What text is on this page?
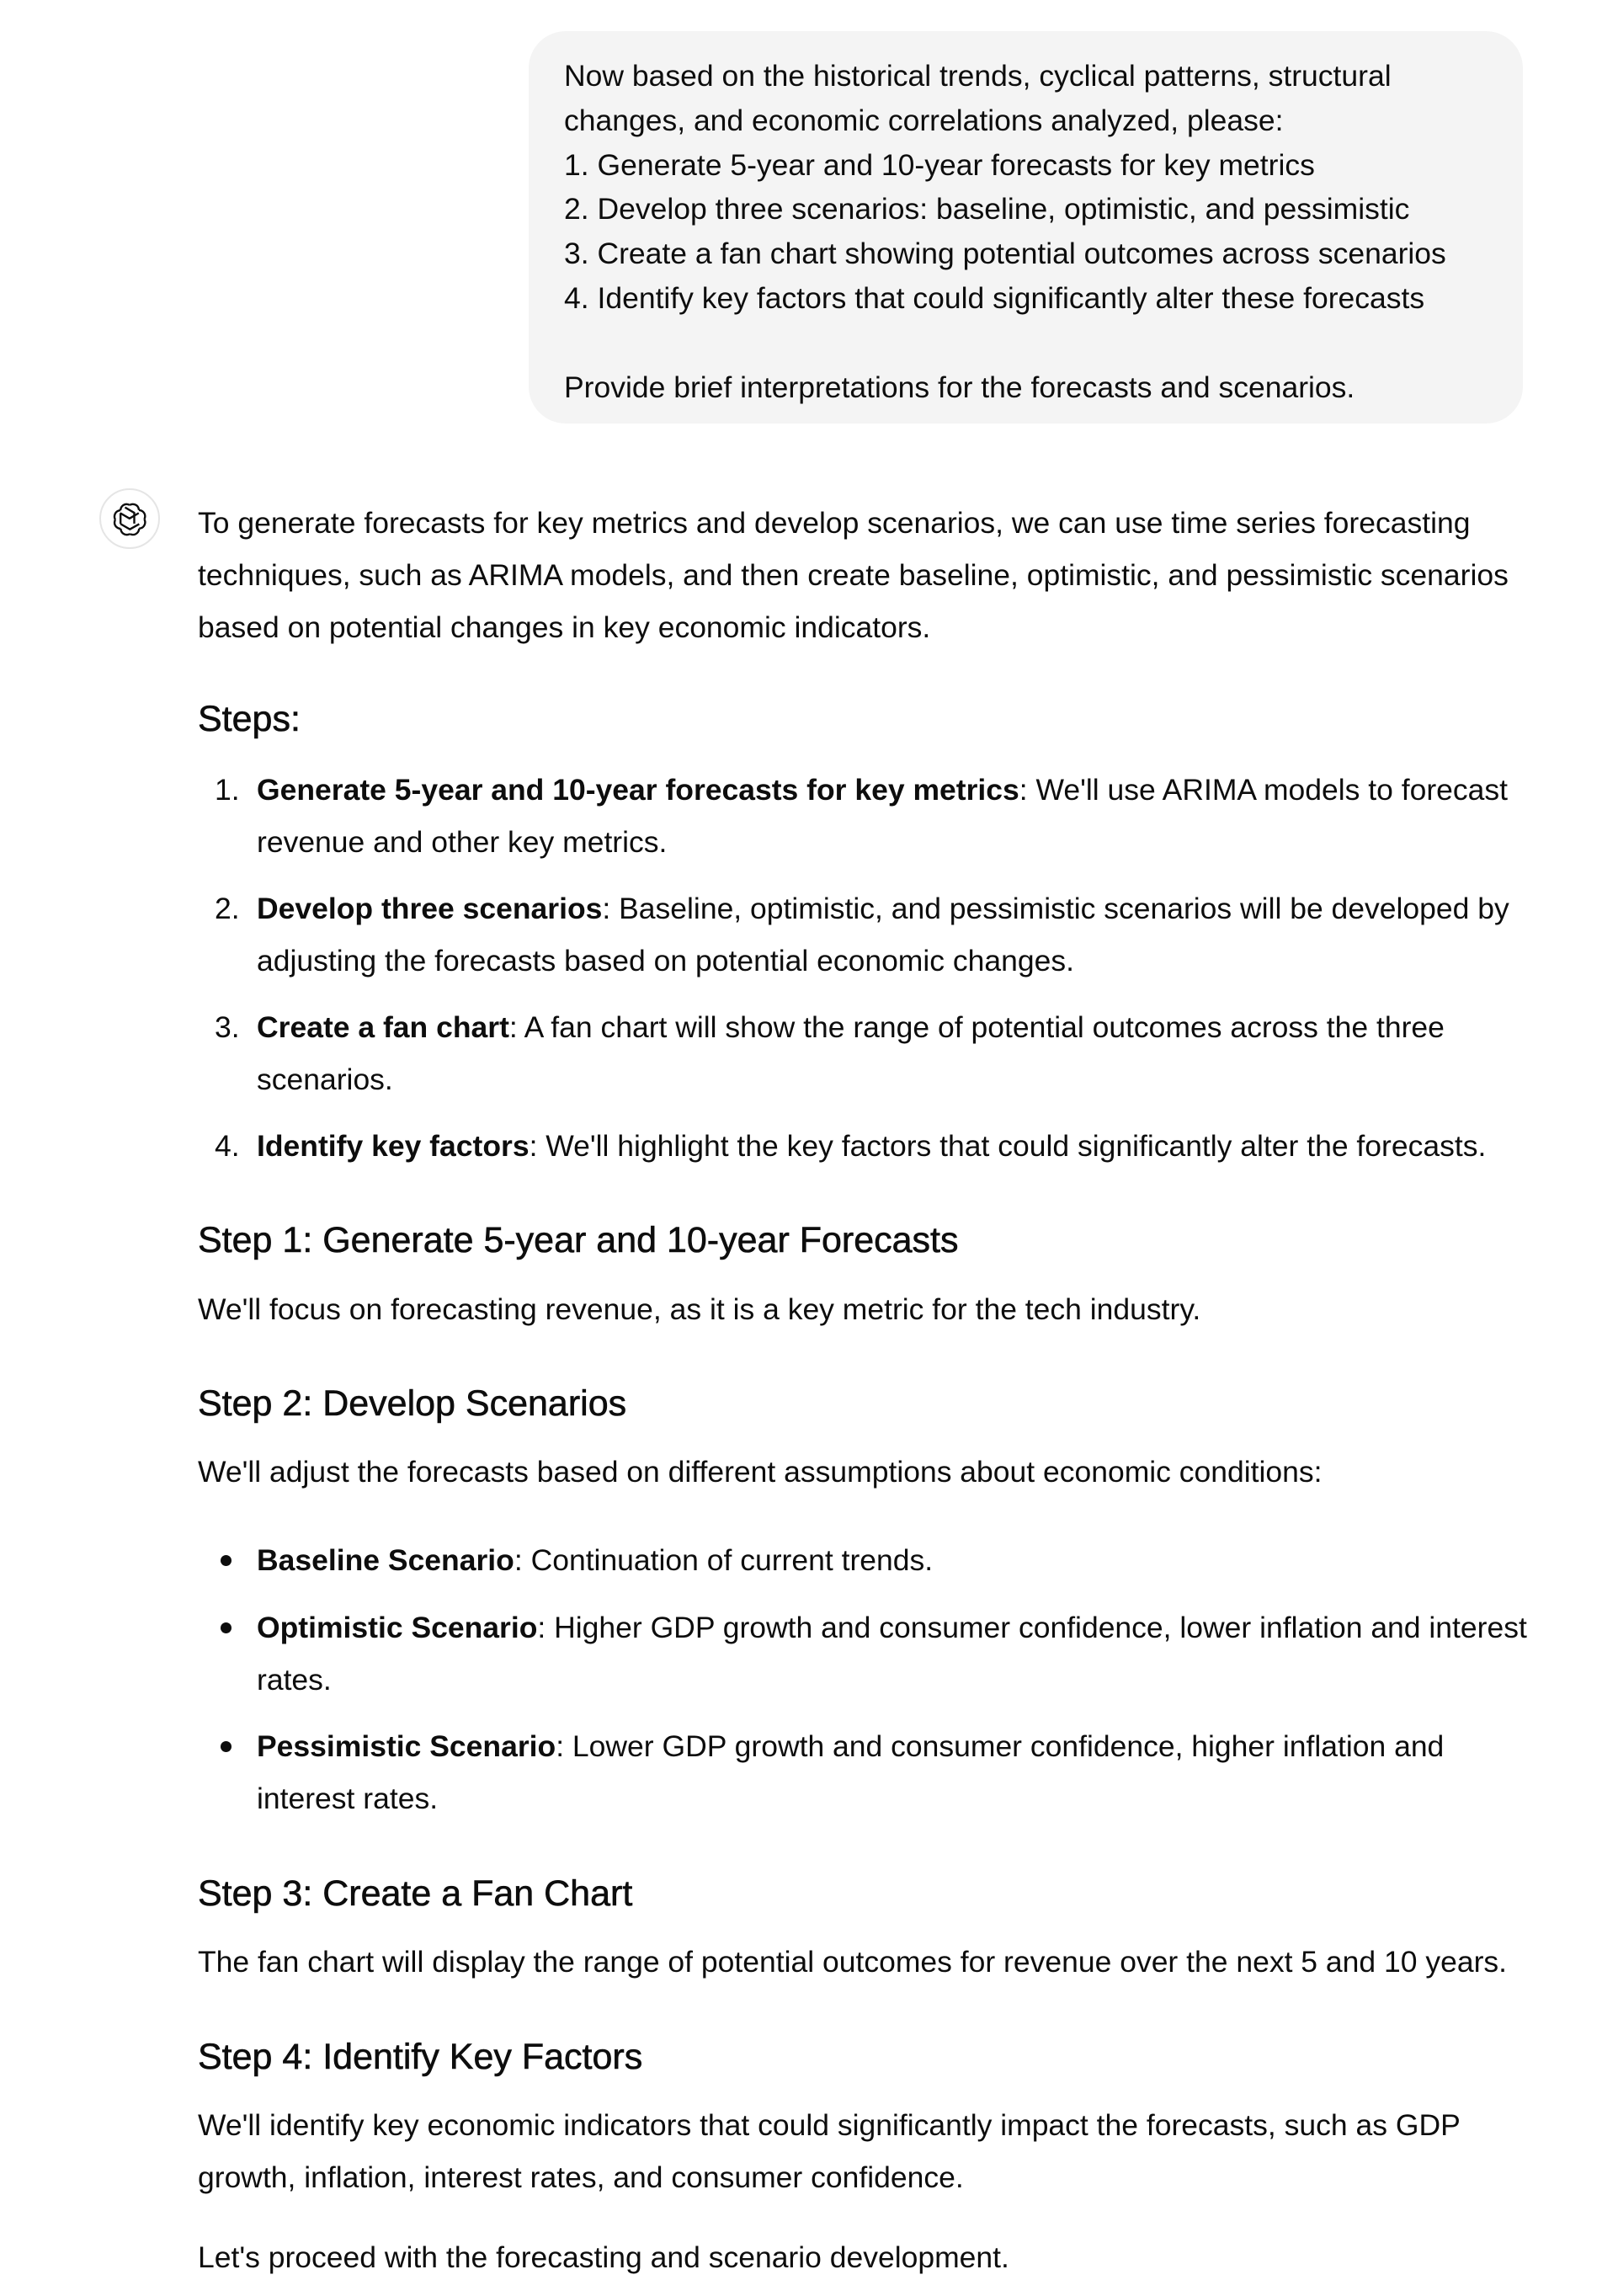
Now based on the historical trends, cyclical patterns, structural
changes, and economic correlations analyzed, please:
1. Generate 5-year and 10-year forecasts for key metrics
2. Develop three scenarios: baseline, optimistic, and pessimistic
3. Create a fan chart showing potential outcomes across scenarios
4. Identify key factors that could significantly alter these forecasts
Provide brief interpretations for the forecasts and scenarios.

To generate forecasts for key metrics and develop scenarios, we can use time series forecasting techniques, such as ARIMA models, and then create baseline, optimistic, and pessimistic scenarios based on potential changes in key economic indicators.

Steps:
1. Generate 5-year and 10-year forecasts for key metrics: We'll use ARIMA models to forecast revenue and other key metrics.
2. Develop three scenarios: Baseline, optimistic, and pessimistic scenarios will be developed by adjusting the forecasts based on potential economic changes.
3. Create a fan chart: A fan chart will show the range of potential outcomes across the three scenarios.
4. Identify key factors: We'll highlight the key factors that could significantly alter the forecasts.
Step 1: Generate 5-year and 10-year Forecasts

We'll focus on forecasting revenue, as it is a key metric for the tech industry.

Step 2: Develop Scenarios

We'll adjust the forecasts based on different assumptions about economic conditions:

Baseline Scenario: Continuation of current trends.
Optimistic Scenario: Higher GDP growth and consumer confidence, lower inflation and interest rates.
Pessimistic Scenario: Lower GDP growth and consumer confidence, higher inflation and interest rates.
Step 3: Create a Fan Chart

The fan chart will display the range of potential outcomes for revenue over the next 5 and 10 years.

Step 4: Identify Key Factors

We'll identify key economic indicators that could significantly impact the forecasts, such as GDP growth, inflation, interest rates, and consumer confidence.

Let's proceed with the forecasting and scenario development.
